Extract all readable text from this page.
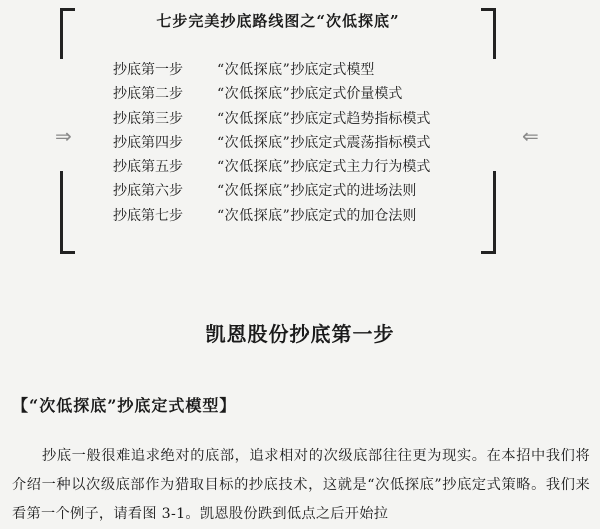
七步完美抄底路线图之“次低探底”
抄底第一步 “次低探底”抄底定式模型
抄底第二步 “次低探底”抄底定式价量模式
抄底第三步 “次低探底”抄底定式趋势指标模式
抄底第四步 “次低探底”抄底定式震荡指标模式
抄底第五步 “次低探底”抄底定式主力行为模式
抄底第六步 “次低探底”抄底定式的进场法则
抄底第七步 “次低探底”抄底定式的加仓法则
⇒	⇐
凯恩股份抄底第一步
【“次低探底”抄底定式模型】

抄底一般很难追求绝对的底部，追求相对的次级底部往往更为现实。在本招中我们将介绍一种以次级底部作为猎取目标的抄底技术，这就是“次低探底”抄底定式策略。我们来看第一个例子，请看图 3-1。凯恩股份跌到低点之后开始拉
